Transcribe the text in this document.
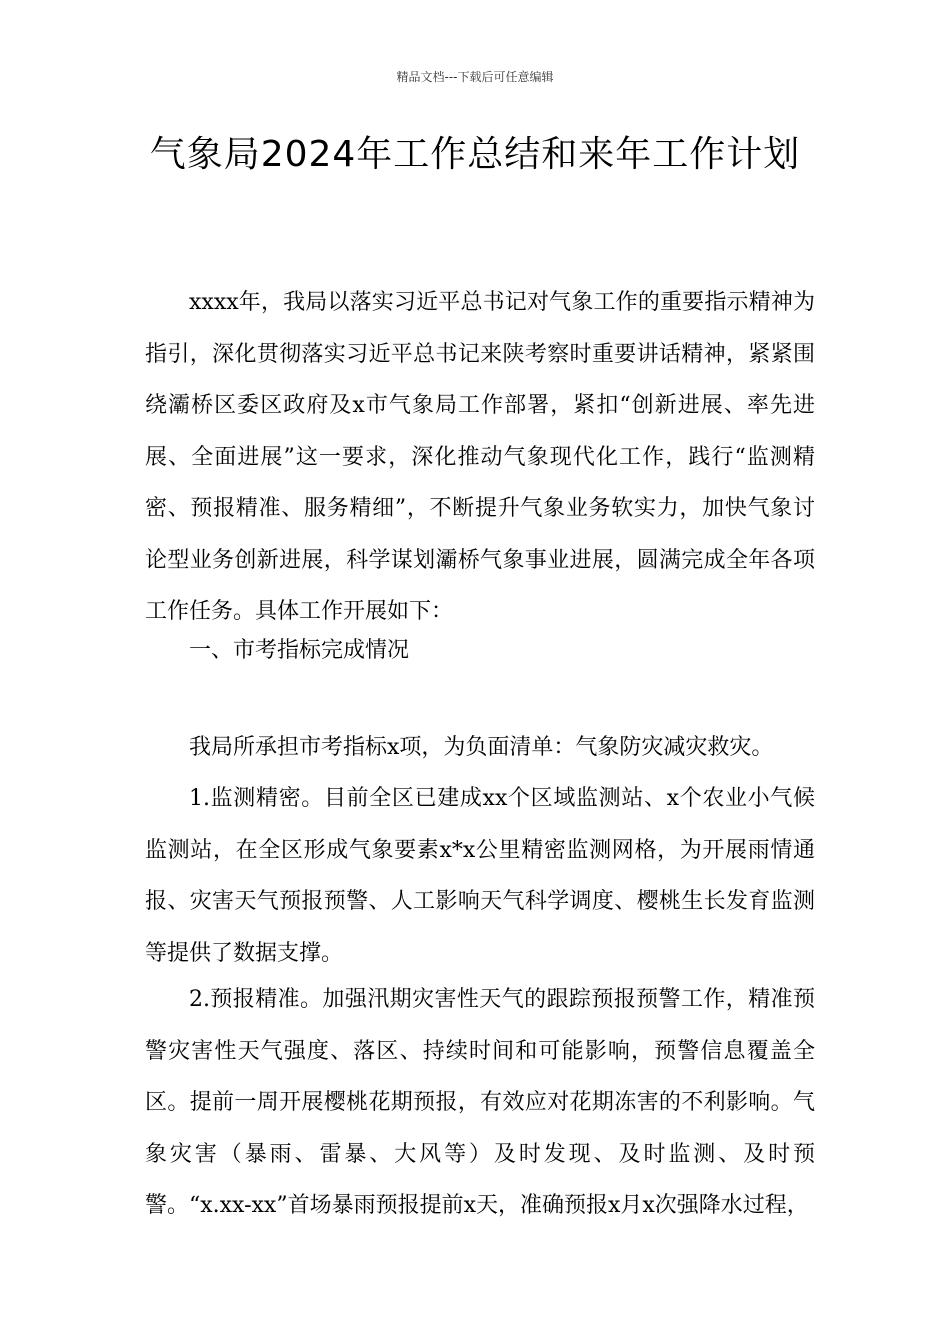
精品文档---下载后可任意编辑
气象局2024年工作总结和来年工作计划

xxxx年，我局以落实习近平总书记对气象工作的重要指示精神为指引，深化贯彻落实习近平总书记来陕考察时重要讲话精神，紧紧围绕灞桥区委区政府及x市气象局工作部署，紧扣“创新进展、率先进展、全面进展”这一要求，深化推动气象现代化工作，践行“监测精密、预报精准、服务精细”，不断提升气象业务软实力，加快气象讨论型业务创新进展，科学谋划灞桥气象事业进展，圆满完成全年各项工作任务。具体工作开展如下：

一、市考指标完成情况

我局所承担市考指标x项，为负面清单：气象防灾减灾救灾。

1.监测精密。目前全区已建成xx个区域监测站、x个农业小气候监测站，在全区形成气象要素x*x公里精密监测网格，为开展雨情通报、灾害天气预报预警、人工影响天气科学调度、樱桃生长发育监测等提供了数据支撑。

2.预报精准。加强汛期灾害性天气的跟踪预报预警工作，精准预警灾害性天气强度、落区、持续时间和可能影响，预警信息覆盖全区。提前一周开展樱桃花期预报，有效应对花期冻害的不利影响。气象灾害（暴雨、雷暴、大风等）及时发现、及时监测、及时预警。“x.xx-xx”首场暴雨预报提前x天，准确预报x月x次强降水过程，
